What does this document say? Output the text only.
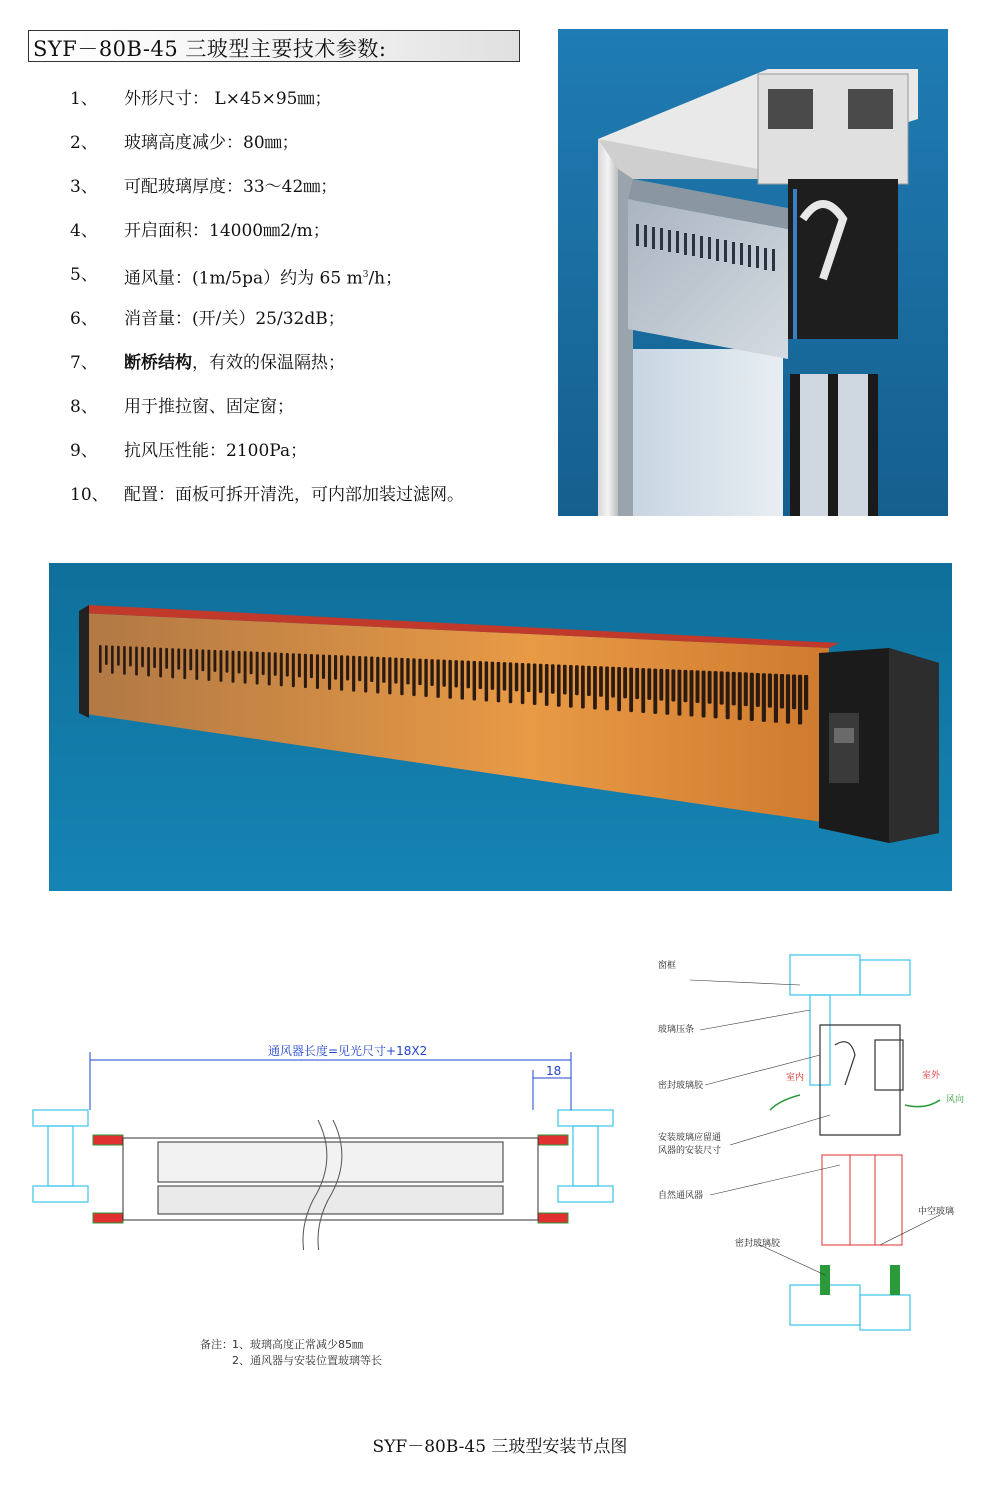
SYF－80B-45 三玻型主要技术参数:
1、	外形尺寸： L×45×95㎜；
2、	玻璃高度减少：80㎜；
3、	可配玻璃厚度：33～42㎜；
4、	开启面积：14000㎜2/m；
5、	通风量：(1m/5pa）约为 65 $m^3/h$；
6、	消音量：(开/关）25/32dB；
7、	断桥结构，有效的保温隔热；
8、	用于推拉窗、固定窗；
9、	抗风压性能：2100Pa；
10、 配置：面板可拆开清洗，可内部加装过滤网。
通风器长度=见光尺寸+18X2
18
备注： 1、玻璃高度正常减少85㎜
2、通风器与安装位置玻璃等长
窗框
玻璃压条
密封玻璃胶
安装玻璃应留通
风器的安装尺寸
自然通风器
密封玻璃胶
中空玻璃
室内	室外
风向
SYF－80B-45 三玻型安装节点图
